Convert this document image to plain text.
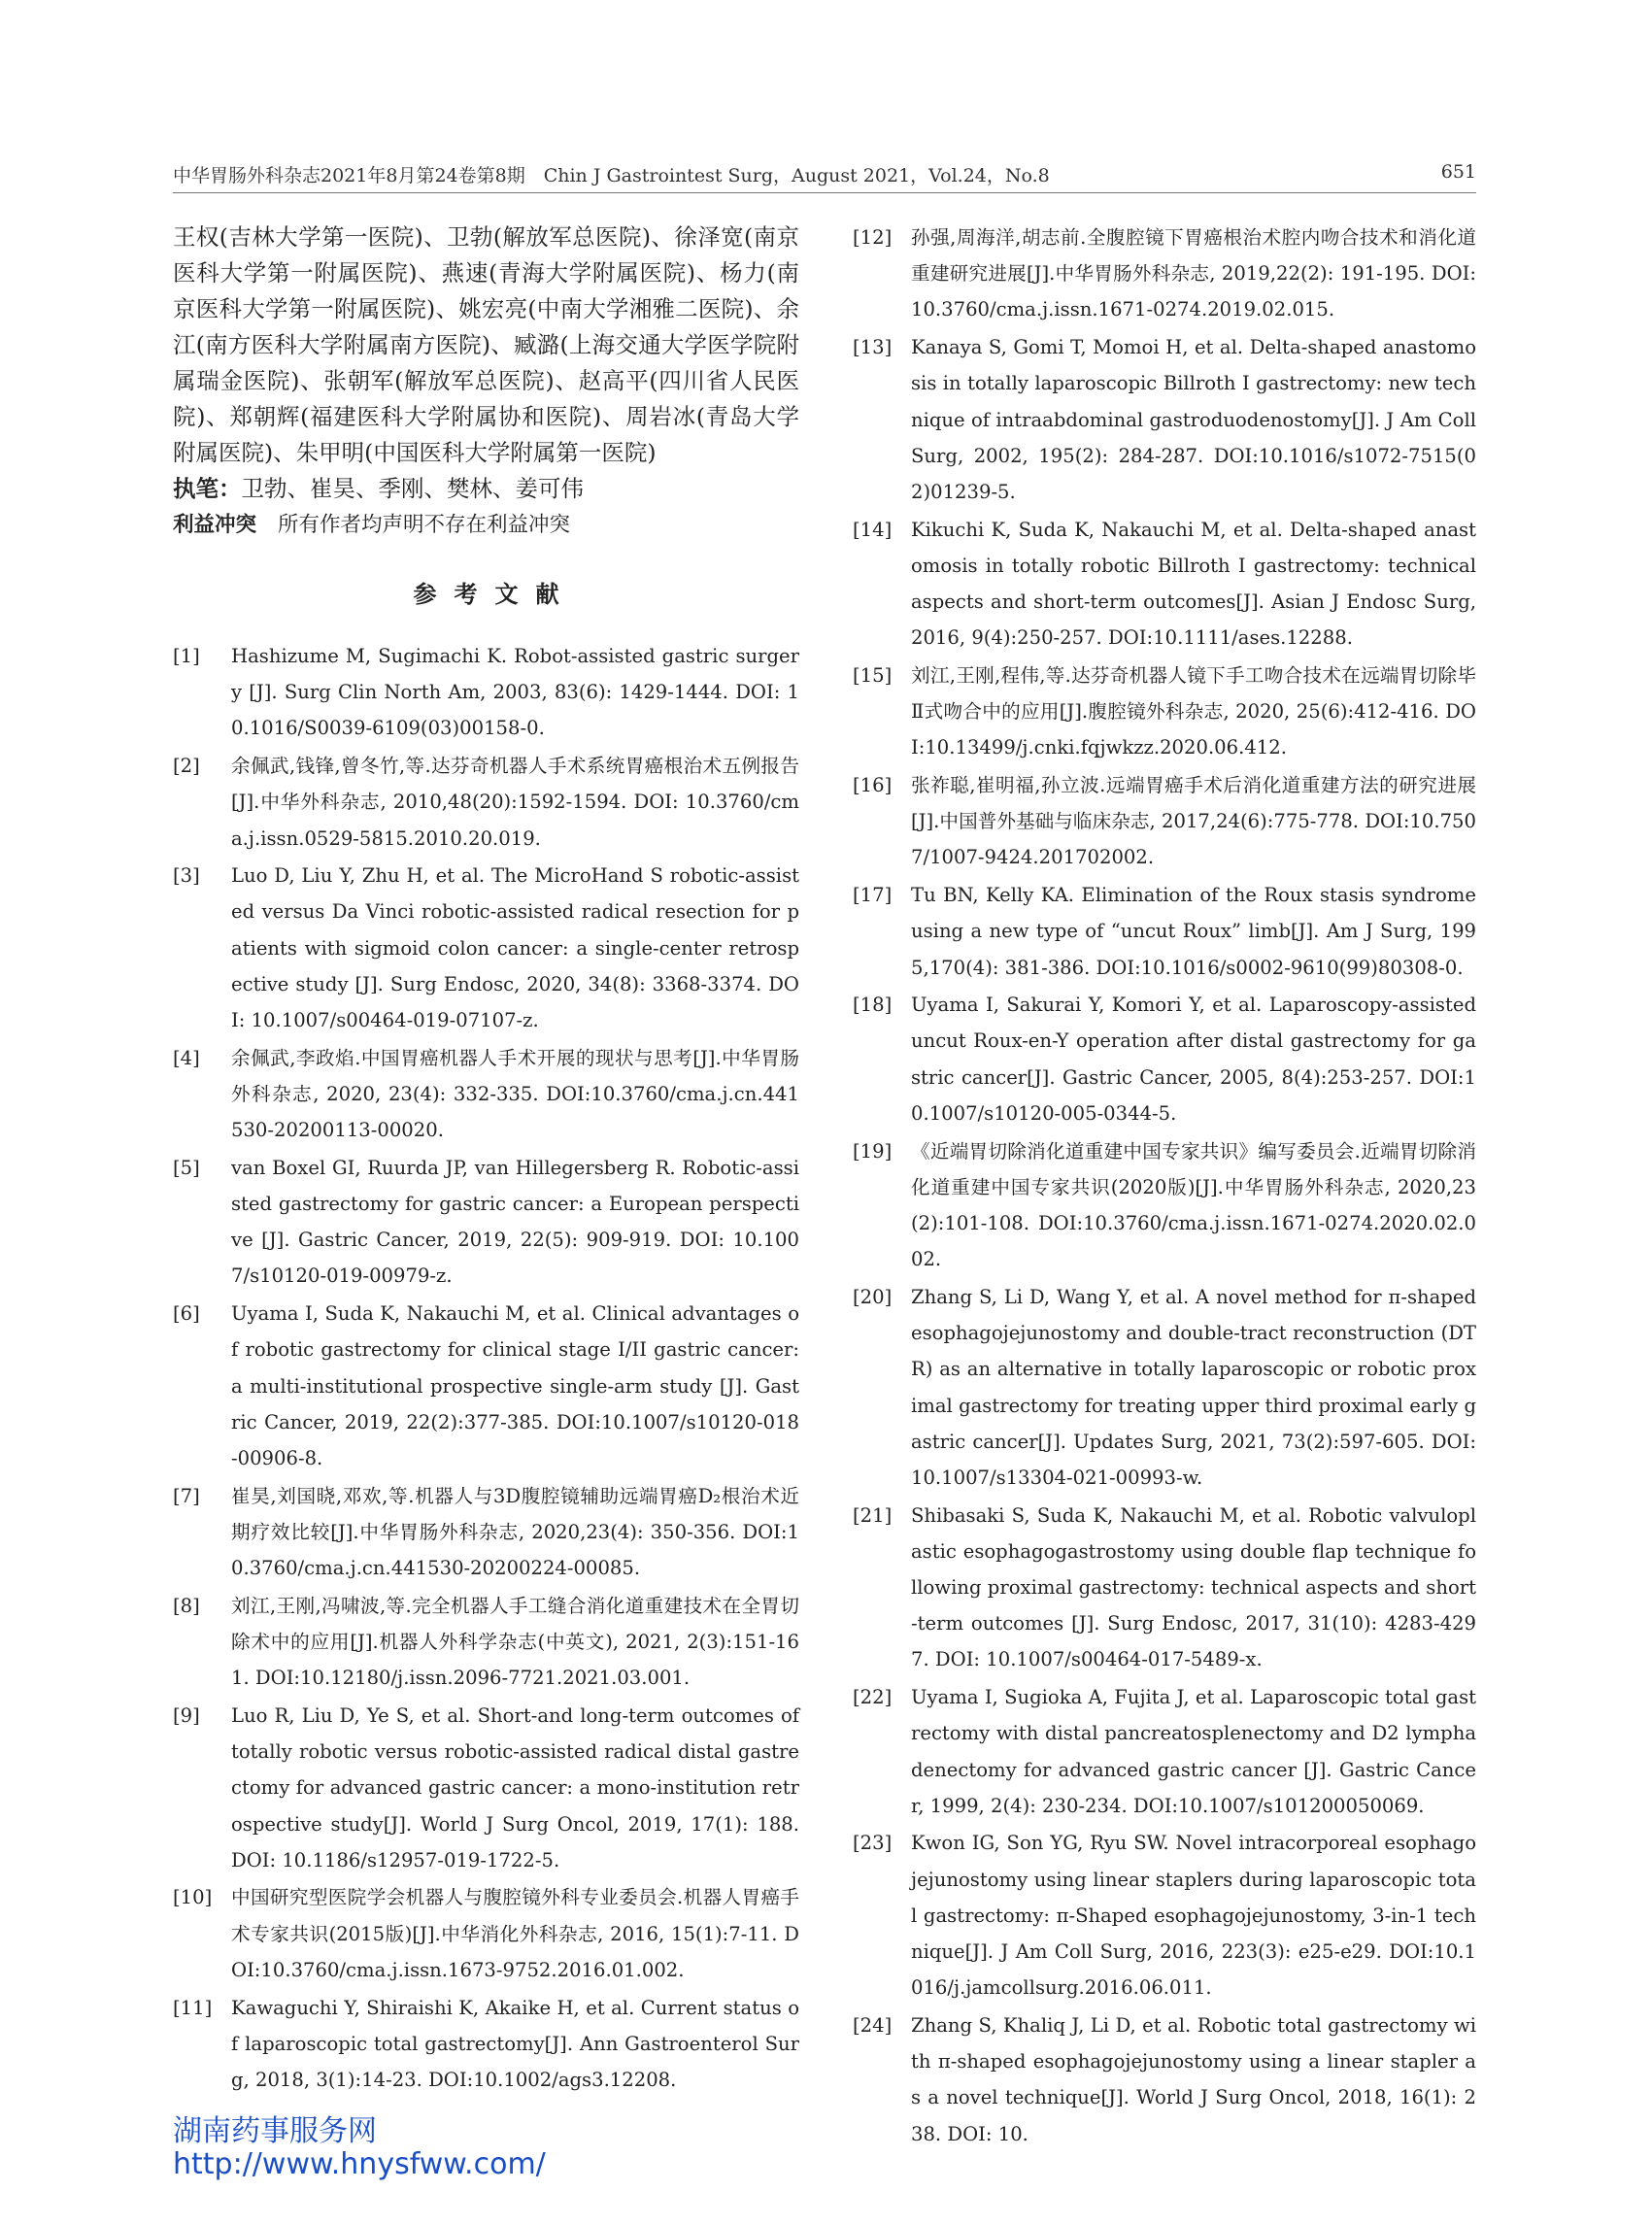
中华胃肠外科杂志2021年8月第24卷第8期　Chin J Gastrointest Surg，August 2021，Vol.24，No.8	651

王权(吉林大学第一医院)、卫勃(解放军总医院)、徐泽宽(南京医科大学第一附属医院)、燕速(青海大学附属医院)、杨力(南京医科大学第一附属医院)、姚宏亮(中南大学湘雅二医院)、余江(南方医科大学附属南方医院)、臧潞(上海交通大学医学院附属瑞金医院)、张朝军(解放军总医院)、赵高平(四川省人民医院)、郑朝辉(福建医科大学附属协和医院)、周岩冰(青岛大学附属医院)、朱甲明(中国医科大学附属第一医院)

执笔：卫勃、崔昊、季刚、樊林、姜可伟

利益冲突 所有作者均声明不存在利益冲突

参考文献
[1] Hashizume M, Sugimachi K. Robot-assisted gastric surgery [J]. Surg Clin North Am, 2003, 83(6): 1429-1444. DOI: 10.1016/S0039-6109(03)00158-0.
[2] 余佩武,钱锋,曾冬竹,等.达芬奇机器人手术系统胃癌根治术五例报告[J].中华外科杂志, 2010,48(20):1592-1594. DOI: 10.3760/cma.j.issn.0529-5815.2010.20.019.
[3] Luo D, Liu Y, Zhu H, et al. The MicroHand S robotic-assisted versus Da Vinci robotic-assisted radical resection for patients with sigmoid colon cancer: a single-center retrospective study [J]. Surg Endosc, 2020, 34(8): 3368-3374. DOI: 10.1007/s00464-019-07107-z.
[4] 余佩武,李政焰.中国胃癌机器人手术开展的现状与思考[J].中华胃肠外科杂志, 2020, 23(4): 332-335. DOI:10.3760/cma.j.cn.441530-20200113-00020.
[5] van Boxel GI, Ruurda JP, van Hillegersberg R. Robotic-assisted gastrectomy for gastric cancer: a European perspective [J]. Gastric Cancer, 2019, 22(5): 909-919. DOI: 10.1007/s10120-019-00979-z.
[6] Uyama I, Suda K, Nakauchi M, et al. Clinical advantages of robotic gastrectomy for clinical stage I/II gastric cancer: a multi-institutional prospective single-arm study [J]. Gastric Cancer, 2019, 22(2):377-385. DOI:10.1007/s10120-018-00906-8.
[7] 崔昊,刘国晓,邓欢,等.机器人与3D腹腔镜辅助远端胃癌D₂根治术近期疗效比较[J].中华胃肠外科杂志, 2020,23(4): 350-356. DOI:10.3760/cma.j.cn.441530-20200224-00085.
[8] 刘江,王刚,冯啸波,等.完全机器人手工缝合消化道重建技术在全胃切除术中的应用[J].机器人外科学杂志(中英文), 2021, 2(3):151-161. DOI:10.12180/j.issn.2096-7721.2021.03.001.
[9] Luo R, Liu D, Ye S, et al. Short-and long-term outcomes of totally robotic versus robotic-assisted radical distal gastrectomy for advanced gastric cancer: a mono-institution retrospective study[J]. World J Surg Oncol, 2019, 17(1): 188. DOI: 10.1186/s12957-019-1722-5.
[10] 中国研究型医院学会机器人与腹腔镜外科专业委员会.机器人胃癌手术专家共识(2015版)[J].中华消化外科杂志, 2016, 15(1):7-11. DOI:10.3760/cma.j.issn.1673-9752.2016.01.002.
[11] Kawaguchi Y, Shiraishi K, Akaike H, et al. Current status of laparoscopic total gastrectomy[J]. Ann Gastroenterol Surg, 2018, 3(1):14-23. DOI:10.1002/ags3.12208.
[12] 孙强,周海洋,胡志前.全腹腔镜下胃癌根治术腔内吻合技术和消化道重建研究进展[J].中华胃肠外科杂志, 2019,22(2): 191-195. DOI:10.3760/cma.j.issn.1671-0274.2019.02.015.
[13] Kanaya S, Gomi T, Momoi H, et al. Delta-shaped anastomosis in totally laparoscopic Billroth I gastrectomy: new technique of intraabdominal gastroduodenostomy[J]. J Am Coll Surg, 2002, 195(2): 284-287. DOI:10.1016/s1072-7515(02)01239-5.
[14] Kikuchi K, Suda K, Nakauchi M, et al. Delta-shaped anastomosis in totally robotic Billroth I gastrectomy: technical aspects and short-term outcomes[J]. Asian J Endosc Surg, 2016, 9(4):250-257. DOI:10.1111/ases.12288.
[15] 刘江,王刚,程伟,等.达芬奇机器人镜下手工吻合技术在远端胃切除毕Ⅱ式吻合中的应用[J].腹腔镜外科杂志, 2020, 25(6):412-416. DOI:10.13499/j.cnki.fqjwkzz.2020.06.412.
[16] 张祚聪,崔明福,孙立波.远端胃癌手术后消化道重建方法的研究进展[J].中国普外基础与临床杂志, 2017,24(6):775-778. DOI:10.7507/1007-9424.201702002.
[17] Tu BN, Kelly KA. Elimination of the Roux stasis syndrome using a new type of “uncut Roux” limb[J]. Am J Surg, 1995,170(4): 381-386. DOI:10.1016/s0002-9610(99)80308-0.
[18] Uyama I, Sakurai Y, Komori Y, et al. Laparoscopy-assisted uncut Roux-en-Y operation after distal gastrectomy for gastric cancer[J]. Gastric Cancer, 2005, 8(4):253-257. DOI:10.1007/s10120-005-0344-5.
[19] 《近端胃切除消化道重建中国专家共识》编写委员会.近端胃切除消化道重建中国专家共识(2020版)[J].中华胃肠外科杂志, 2020,23(2):101-108. DOI:10.3760/cma.j.issn.1671-0274.2020.02.002.
[20] Zhang S, Li D, Wang Y, et al. A novel method for π-shaped esophagojejunostomy and double-tract reconstruction (DTR) as an alternative in totally laparoscopic or robotic proximal gastrectomy for treating upper third proximal early gastric cancer[J]. Updates Surg, 2021, 73(2):597-605. DOI: 10.1007/s13304-021-00993-w.
[21] Shibasaki S, Suda K, Nakauchi M, et al. Robotic valvuloplastic esophagogastrostomy using double flap technique following proximal gastrectomy: technical aspects and short-term outcomes [J]. Surg Endosc, 2017, 31(10): 4283-4297. DOI: 10.1007/s00464-017-5489-x.
[22] Uyama I, Sugioka A, Fujita J, et al. Laparoscopic total gastrectomy with distal pancreatosplenectomy and D2 lymphadenectomy for advanced gastric cancer [J]. Gastric Cancer, 1999, 2(4): 230-234. DOI:10.1007/s101200050069.
[23] Kwon IG, Son YG, Ryu SW. Novel intracorporeal esophagojejunostomy using linear staplers during laparoscopic total gastrectomy: π-Shaped esophagojejunostomy, 3-in-1 technique[J]. J Am Coll Surg, 2016, 223(3): e25-e29. DOI:10.1016/j.jamcollsurg.2016.06.011.
[24] Zhang S, Khaliq J, Li D, et al. Robotic total gastrectomy with π-shaped esophagojejunostomy using a linear stapler as a novel technique[J]. World J Surg Oncol, 2018, 16(1): 238. DOI: 10.
湖南药事服务网
http://www.hnysfww.com/
